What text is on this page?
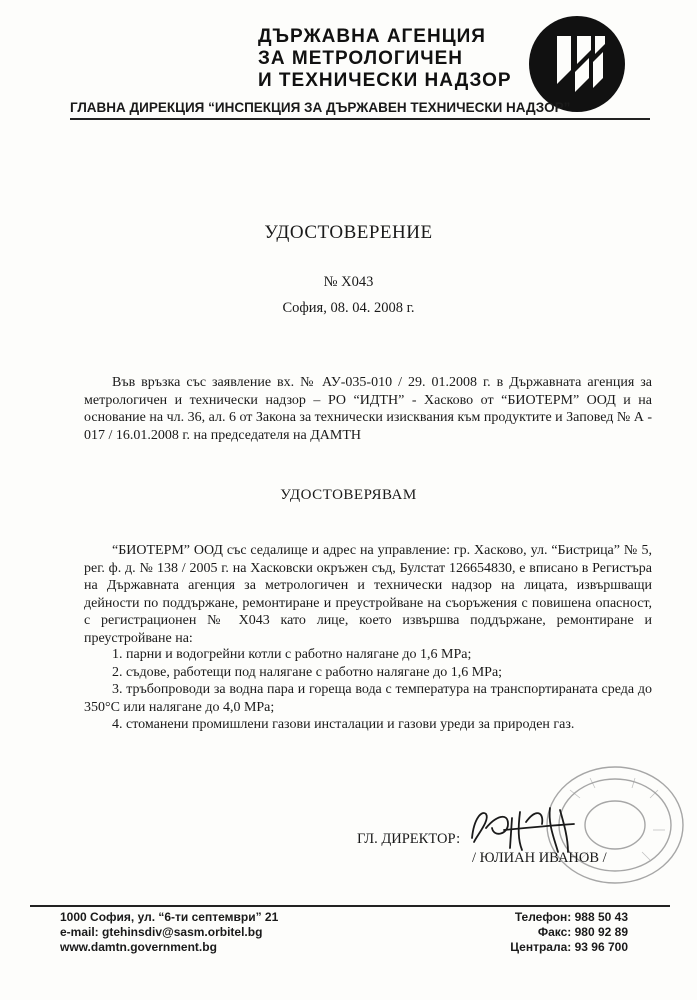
ДЪРЖАВНА АГЕНЦИЯ
ЗА МЕТРОЛОГИЧЕН
И ТЕХНИЧЕСКИ НАДЗОР
ГЛАВНА ДИРЕКЦИЯ “ИНСПЕКЦИЯ ЗА ДЪРЖАВЕН ТЕХНИЧЕСКИ НАДЗОР”
УДОСТОВЕРЕНИЕ
№ X043
София, 08. 04. 2008 г.
Във връзка със заявление вх. № АУ-035-010 / 29. 01.2008 г. в Държавната агенция за метрологичен и технически надзор – РО “ИДТН” - Хасково от “БИОТЕРМ” ООД и на основание на чл. 36, ал. 6 от Закона за технически изисквания към продуктите и Заповед № А - 017 / 16.01.2008 г. на председателя на ДАМТН
УДОСТОВЕРЯВАМ
“БИОТЕРМ” ООД със седалище и адрес на управление: гр. Хасково, ул. “Бистрица” № 5, рег. ф. д. № 138 / 2005 г. на Хасковски окръжен съд, Булстат 126654830, е вписано в Регистъра на Държавната агенция за метрологичен и технически надзор на лицата, извършващи дейности по поддържане, ремонтиране и преустройване на съоръжения с повишена опасност, с регистрационен № X043 като лице, което извършва поддържане, ремонтиране и преустройване на:
1. парни и водогрейни котли с работно налягане до 1,6 МРа;
2. съдове, работещи под налягане с работно налягане до 1,6 МРа;
3. тръбопроводи за водна пара и гореща вода с температура на транспортираната среда до 350°С или налягане до 4,0 МРа;
4. стоманени промишлени газови инсталации и газови уреди за природен газ.
ГЛ. ДИРЕКТОР:
/ ЮЛИАН ИВАНОВ /
1000 София, ул. “6-ти септември” 21
e-mail: gtehinsdiv@sasm.orbitel.bg
www.damtn.government.bg
Телефон: 988 50 43
Факс: 980 92 89
Централа: 93 96 700
